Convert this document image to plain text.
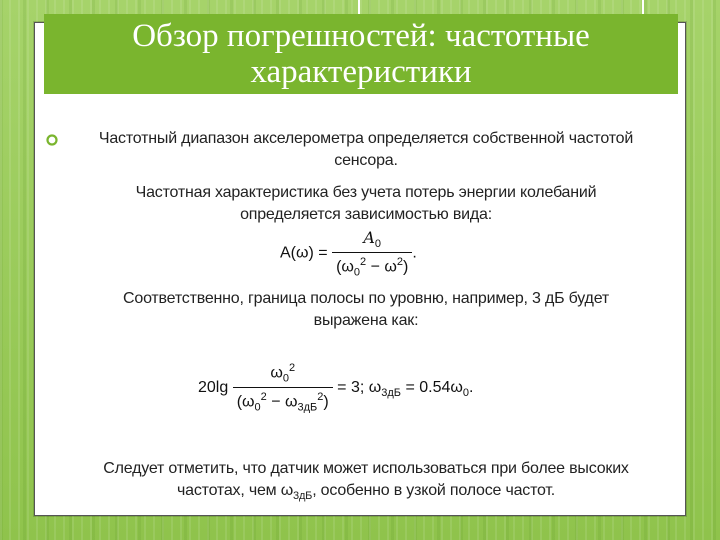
Обзор погрешностей: частотные
характеристики

Частотный диапазон акселерометра определяется собственной частотой
сенсора.

Частотная характеристика без учета потерь энергии колебаний
определяется зависимостью вида:

$A(\omega) = \frac{A_0}{(\omega_0^2 - \omega^2)}$ .

Соответственно, граница полосы по уровню, например, 3 дБ будет
выражена как:

$20\lg \frac{\omega_0^2}{(\omega_0^2 - \omega_{3дБ}^2)} = 3$; $\omega_{3дБ} = 0.54\omega_0$.

Следует отметить, что датчик может использоваться при более высоких
частотах, чем $\omega_{3дБ}$, особенно в узкой полосе частот.
